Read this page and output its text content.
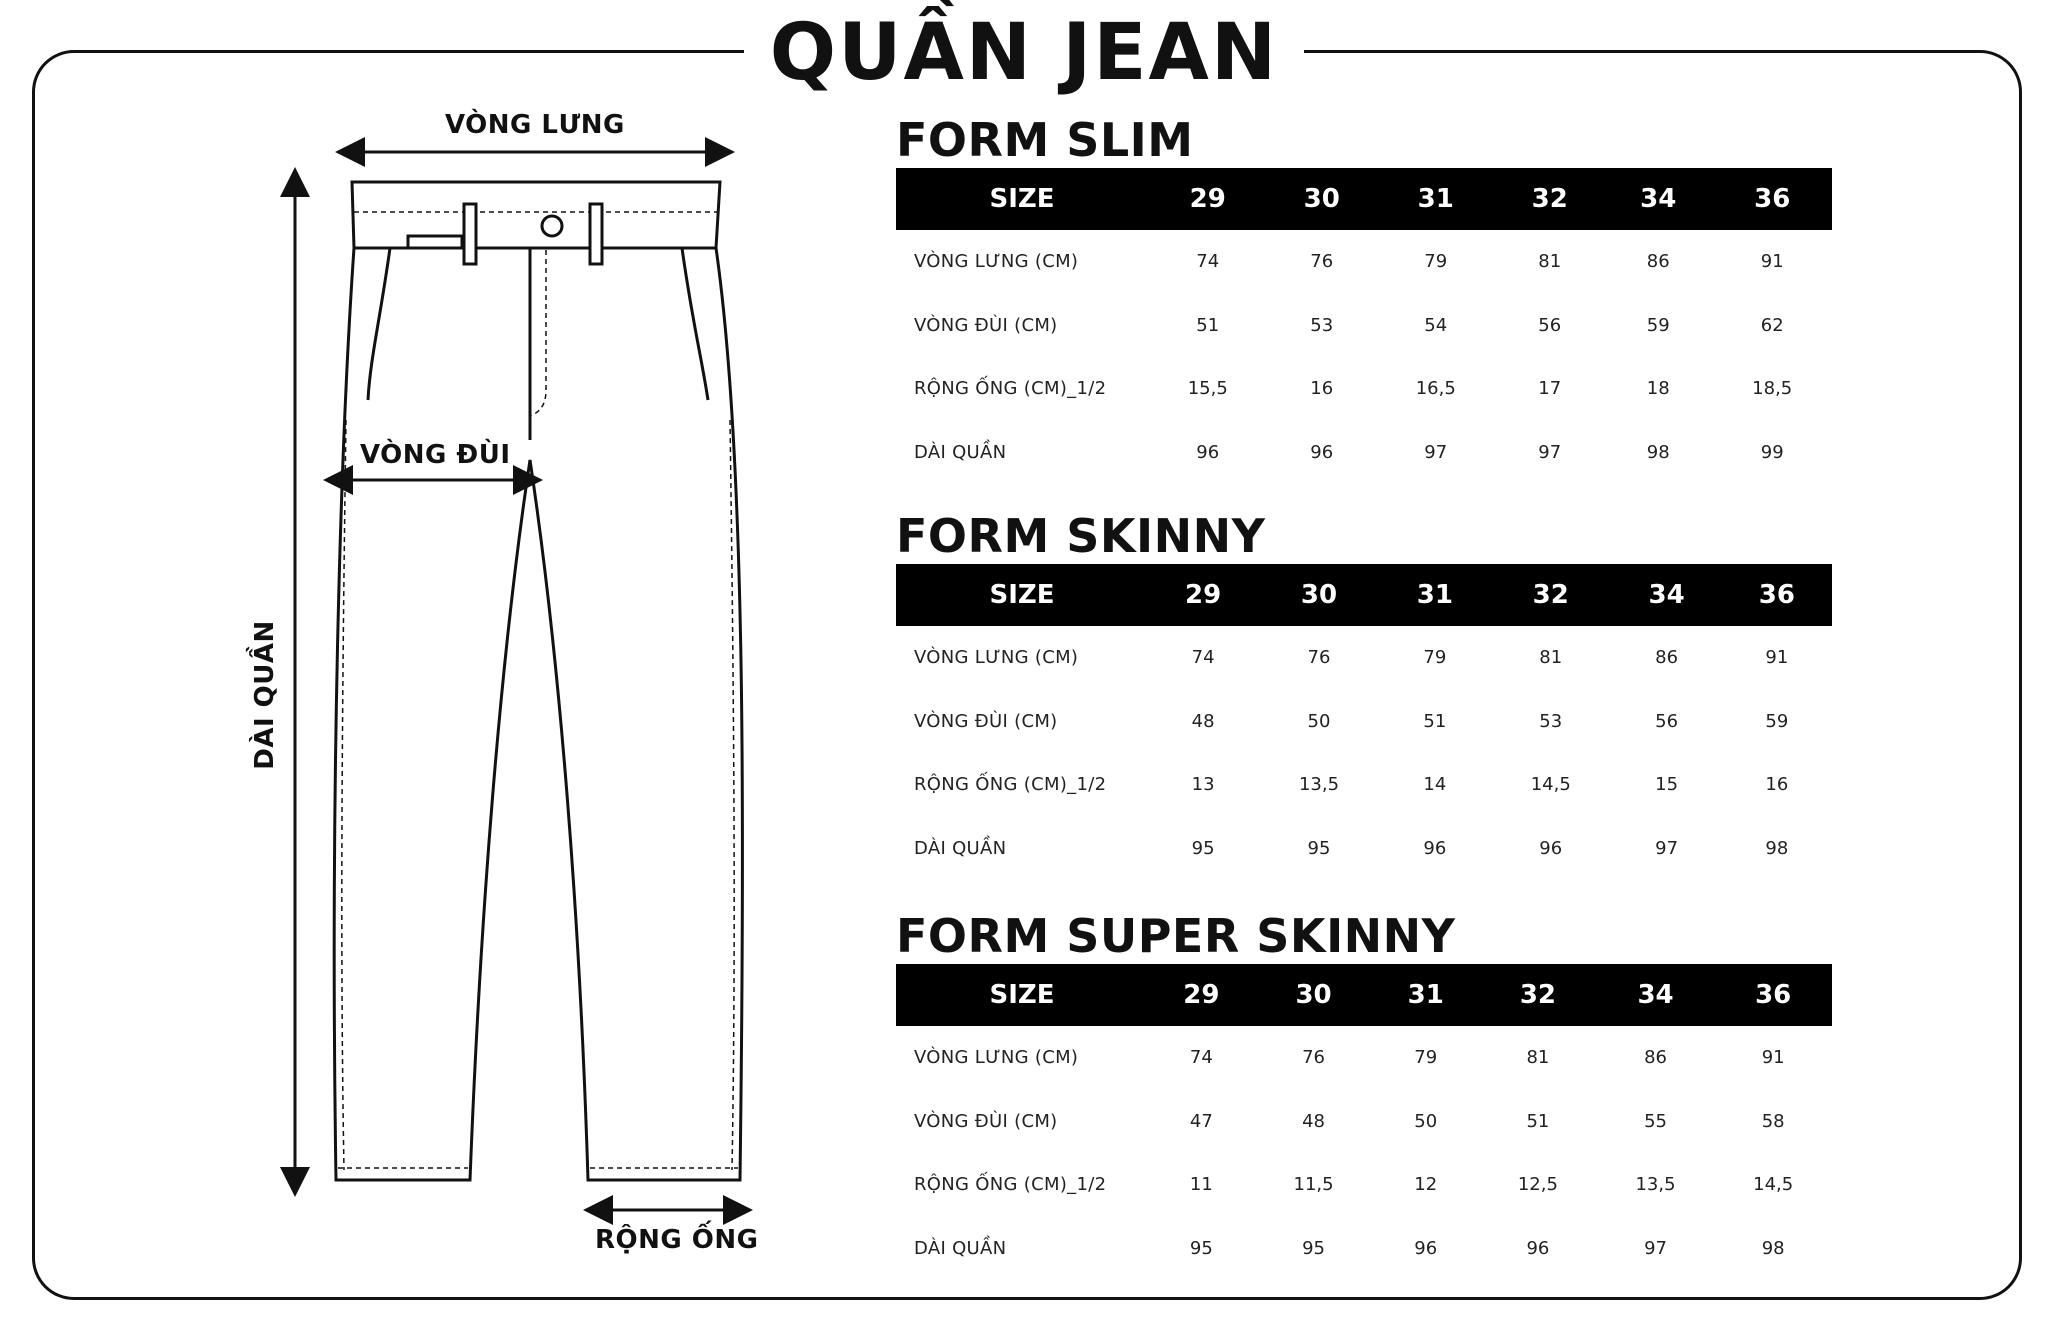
QUẦN JEAN
VÒNG LƯNG
VÒNG ĐÙI
DÀI QUẦN
RỘNG ỐNG
FORM SLIM
SIZE	29	30	31	32	34	36
VÒNG LƯNG (CM)	74	76	79	81	86	91
VÒNG ĐÙI (CM)	51	53	54	56	59	62
RỘNG ỐNG (CM)_1/2	15,5	16	16,5	17	18	18,5
DÀI QUẦN	96	96	97	97	98	99
FORM SKINNY
SIZE	29	30	31	32	34	36
VÒNG LƯNG (CM)	74	76	79	81	86	91
VÒNG ĐÙI (CM)	48	50	51	53	56	59
RỘNG ỐNG (CM)_1/2	13	13,5	14	14,5	15	16
DÀI QUẦN	95	95	96	96	97	98
FORM SUPER SKINNY
SIZE	29	30	31	32	34	36
VÒNG LƯNG (CM)	74	76	79	81	86	91
VÒNG ĐÙI (CM)	47	48	50	51	55	58
RỘNG ỐNG (CM)_1/2	11	11,5	12	12,5	13,5	14,5
DÀI QUẦN	95	95	96	96	97	98
